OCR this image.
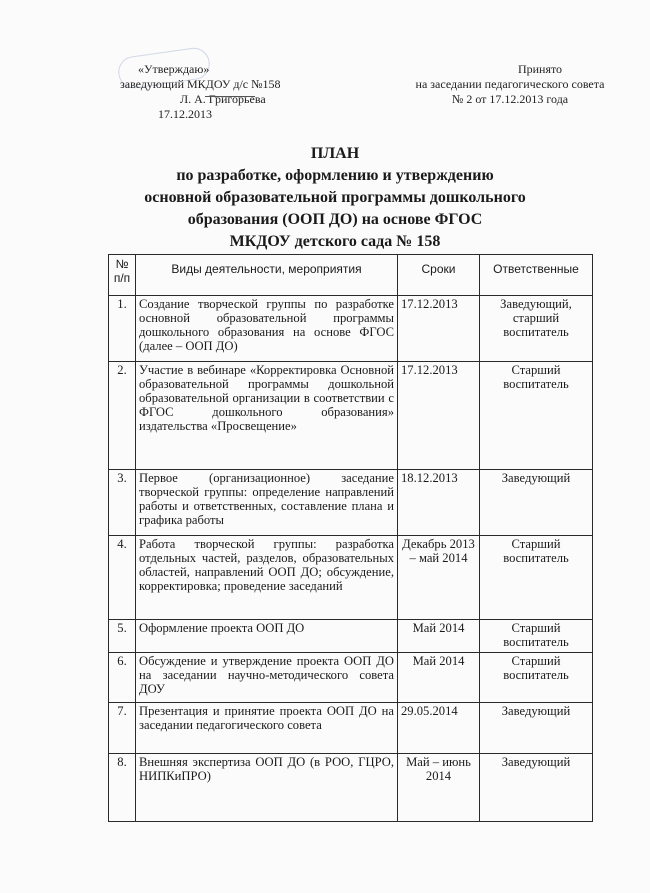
«Утверждаю»
заведующий МКДОУ д/с №158
Л. А. Григорьева
17.12.2013
Принято
на заседании педагогического совета
№ 2 от 17.12.2013 года
ПЛАН
по разработке, оформлению и утверждению
основной образовательной программы дошкольного
образования (ООП ДО) на основе ФГОС
МКДОУ детского сада № 158
№
п/п	Виды деятельности, мероприятия	Сроки	Ответственные
1.	Создание творческой группы по разработке основной образовательной программы дошкольного образования на основе ФГОС (далее – ООП ДО)	17.12.2013	Заведующий, старший воспитатель
2.	Участие в вебинаре «Корректировка Основной образовательной программы дошкольной образовательной организации в соответствии с ФГОС дошкольного образования» издательства «Просвещение»	17.12.2013	Старший воспитатель
3.	Первое (организационное) заседание творческой группы: определение направлений работы и ответственных, составление плана и графика работы	18.12.2013	Заведующий
4.	Работа творческой группы: разработка отдельных частей, разделов, образовательных областей, направлений ООП ДО; обсуждение, корректировка; проведение заседаний	Декабрь 2013 – май 2014	Старший воспитатель
5.	Оформление проекта ООП ДО	Май 2014	Старший воспитатель
6.	Обсуждение и утверждение проекта ООП ДО на заседании научно-методического совета ДОУ	Май 2014	Старший воспитатель
7.	Презентация и принятие проекта ООП ДО на заседании педагогического совета	29.05.2014	Заведующий
8.	Внешняя экспертиза ООП ДО (в РОО, ГЦРО, НИПКиПРО)	Май – июнь 2014	Заведующий
